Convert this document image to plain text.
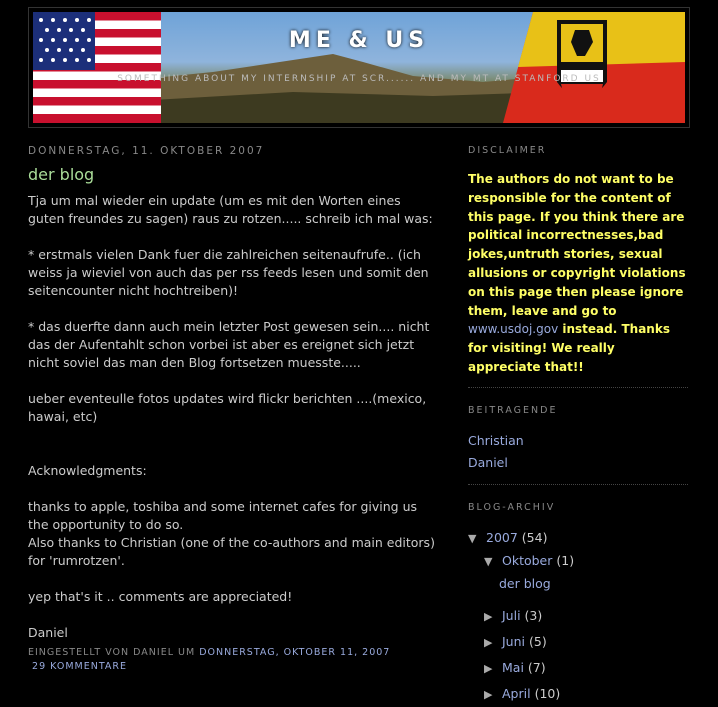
ME & US
SOMETHING ABOUT MY INTERNSHIP AT SCR...... AND MY MT AT STANFORD US
DONNERSTAG, 11. OKTOBER 2007
der blog

Tja um mal wieder ein update (um es mit den Worten eines guten freundes zu sagen) raus zu rotzen..... schreib ich mal was:

* erstmals vielen Dank fuer die zahlreichen seitenaufrufe.. (ich weiss ja wieviel von auch das per rss feeds lesen und somit den seitencounter nicht hochtreiben)!

* das duerfte dann auch mein letzter Post gewesen sein.... nicht das der Aufentahlt schon vorbei ist aber es ereignet sich jetzt nicht soviel das man den Blog fortsetzen muesste.....

ueber eventeulle fotos updates wird flickr berichten ....(mexico, hawai, etc)

Acknowledgments:

thanks to apple, toshiba and some internet cafes for giving us the opportunity to do so.

Also thanks to Christian (one of the co-authors and main editors) for 'rumrotzen'.

yep that's it .. comments are appreciated!

Daniel

EINGESTELLT VON DANIEL UM DONNERSTAG, OKTOBER 11, 2007
29 KOMMENTARE
DISCLAIMER
The authors do not want to be responsible for the content of this page. If you think there are political incorrectnesses,bad jokes,untruth stories, sexual allusions or copyright violations on this page then please ignore them, leave and go to www.usdoj.gov instead. Thanks for visiting! We really appreciate that!!
BEITRAGENDE
Christian
Daniel
BLOG-ARCHIV
▼ 2007 (54)
▼ Oktober (1)
der blog
▶ Juli (3)
▶ Juni (5)
▶ Mai (7)
▶ April (10)
